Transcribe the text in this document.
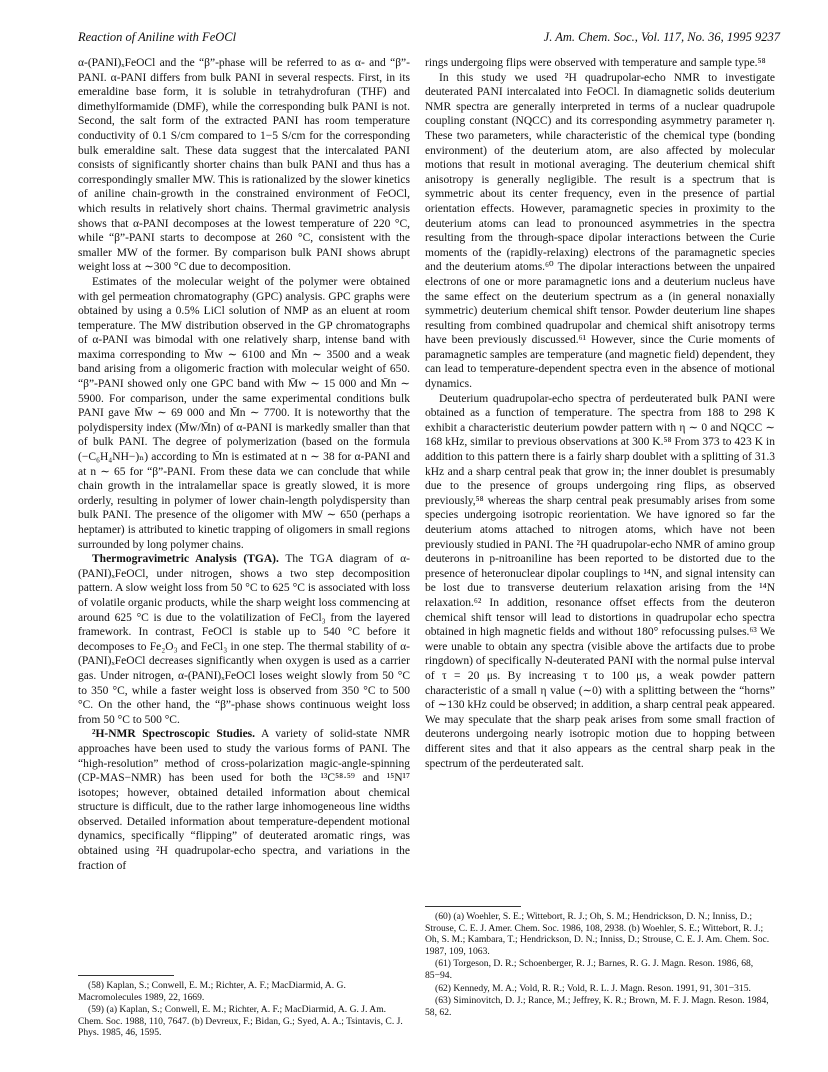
Reaction of Aniline with FeOCl	J. Am. Chem. Soc., Vol. 117, No. 36, 1995 9237

α-(PANI)ₓFeOCl and the “β”-phase will be referred to as α- and “β”-PANI. α-PANI differs from bulk PANI in several respects. First, in its emeraldine base form, it is soluble in tetrahydrofuran (THF) and dimethylformamide (DMF), while the corresponding bulk PANI is not. Second, the salt form of the extracted PANI has room temperature conductivity of 0.1 S/cm compared to 1−5 S/cm for the corresponding bulk emeraldine salt. These data suggest that the intercalated PANI consists of significantly shorter chains than bulk PANI and thus has a correspondingly smaller MW. This is rationalized by the slower kinetics of aniline chain-growth in the constrained environment of FeOCl, which results in relatively short chains. Thermal gravimetric analysis shows that α-PANI decomposes at the lowest temperature of 220 °C, while “β”-PANI starts to decompose at 260 °C, consistent with the smaller MW of the former. By comparison bulk PANI shows abrupt weight loss at ∼300 °C due to decomposition.

Estimates of the molecular weight of the polymer were obtained with gel permeation chromatography (GPC) analysis. GPC graphs were obtained by using a 0.5% LiCl solution of NMP as an eluent at room temperature. The MW distribution observed in the GP chromatographs of α-PANI was bimodal with one relatively sharp, intense band with maxima corresponding to M̄w ∼ 6100 and M̄n ∼ 3500 and a weak band arising from a oligomeric fraction with molecular weight of 650. “β”-PANI showed only one GPC band with M̄w ∼ 15 000 and M̄n ∼ 5900. For comparison, under the same experimental conditions bulk PANI gave M̄w ∼ 69 000 and M̄n ∼ 7700. It is noteworthy that the polydispersity index (M̄w/M̄n) of α-PANI is markedly smaller than that of bulk PANI. The degree of polymerization (based on the formula (−C₆H₄NH−)ₙ) according to M̄n is estimated at n ∼ 38 for α-PANI and at n ∼ 65 for “β”-PANI. From these data we can conclude that while chain growth in the intralamellar space is greatly slowed, it is more orderly, resulting in polymer of lower chain-length polydispersity than bulk PANI. The presence of the oligomer with MW ∼ 650 (perhaps a heptamer) is attributed to kinetic trapping of oligomers in small regions surrounded by long polymer chains.

Thermogravimetric Analysis (TGA). The TGA diagram of α-(PANI)ₓFeOCl, under nitrogen, shows a two step decomposition pattern. A slow weight loss from 50 °C to 625 °C is associated with loss of volatile organic products, while the sharp weight loss commencing at around 625 °C is due to the volatilization of FeCl₃ from the layered framework. In contrast, FeOCl is stable up to 540 °C before it decomposes to Fe₂O₃ and FeCl₃ in one step. The thermal stability of α-(PANI)ₓFeOCl decreases significantly when oxygen is used as a carrier gas. Under nitrogen, α-(PANI)ₓFeOCl loses weight slowly from 50 °C to 350 °C, while a faster weight loss is observed from 350 °C to 500 °C. On the other hand, the “β”-phase shows continuous weight loss from 50 °C to 500 °C.

²H-NMR Spectroscopic Studies. A variety of solid-state NMR approaches have been used to study the various forms of PANI. The “high-resolution” method of cross-polarization magic-angle-spinning (CP-MAS−NMR) has been used for both the ¹³C⁵⁸·⁵⁹ and ¹⁵N¹⁷ isotopes; however, obtained detailed information about chemical structure is difficult, due to the rather large inhomogeneous line widths observed. Detailed information about temperature-dependent motional dynamics, specifically “flipping” of deuterated aromatic rings, was obtained using ²H quadrupolar-echo spectra, and variations in the fraction of

(58) Kaplan, S.; Conwell, E. M.; Richter, A. F.; MacDiarmid, A. G. Macromolecules 1989, 22, 1669.

(59) (a) Kaplan, S.; Conwell, E. M.; Richter, A. F.; MacDiarmid, A. G. J. Am. Chem. Soc. 1988, 110, 7647. (b) Devreux, F.; Bidan, G.; Syed, A. A.; Tsintavis, C. J. Phys. 1985, 46, 1595.

rings undergoing flips were observed with temperature and sample type.⁵⁸

In this study we used ²H quadrupolar-echo NMR to investigate deuterated PANI intercalated into FeOCl. In diamagnetic solids deuterium NMR spectra are generally interpreted in terms of a nuclear quadrupole coupling constant (NQCC) and its corresponding asymmetry parameter η. These two parameters, while characteristic of the chemical type (bonding environment) of the deuterium atom, are also affected by molecular motions that result in motional averaging. The deuterium chemical shift anisotropy is generally negligible. The result is a spectrum that is symmetric about its center frequency, even in the presence of partial orientation effects. However, paramagnetic species in proximity to the deuterium atoms can lead to pronounced asymmetries in the spectra resulting from the through-space dipolar interactions between the Curie moments of the (rapidly-relaxing) electrons of the paramagnetic species and the deuterium atoms.⁶⁰ The dipolar interactions between the unpaired electrons of one or more paramagnetic ions and a deuterium nucleus have the same effect on the deuterium spectrum as a (in general nonaxially symmetric) deuterium chemical shift tensor. Powder deuterium line shapes resulting from combined quadrupolar and chemical shift anisotropy terms have been previously discussed.⁶¹ However, since the Curie moments of paramagnetic samples are temperature (and magnetic field) dependent, they can lead to temperature-dependent spectra even in the absence of motional dynamics.

Deuterium quadrupolar-echo spectra of perdeuterated bulk PANI were obtained as a function of temperature. The spectra from 188 to 298 K exhibit a characteristic deuterium powder pattern with η ∼ 0 and NQCC ∼ 168 kHz, similar to previous observations at 300 K.⁵⁸ From 373 to 423 K in addition to this pattern there is a fairly sharp doublet with a splitting of 31.3 kHz and a sharp central peak that grow in; the inner doublet is presumably due to the presence of groups undergoing ring flips, as observed previously,⁵⁸ whereas the sharp central peak presumably arises from some species undergoing isotropic reorientation. We have ignored so far the deuterium atoms attached to nitrogen atoms, which have not been previously studied in PANI. The ²H quadrupolar-echo NMR of amino group deuterons in p-nitroaniline has been reported to be distorted due to the presence of heteronuclear dipolar couplings to ¹⁴N, and signal intensity can be lost due to transverse deuterium relaxation arising from the ¹⁴N relaxation.⁶² In addition, resonance offset effects from the deuteron chemical shift tensor will lead to distortions in quadrupolar echo spectra obtained in high magnetic fields and without 180° refocussing pulses.⁶³ We were unable to obtain any spectra (visible above the artifacts due to probe ringdown) of specifically N-deuterated PANI with the normal pulse interval of τ = 20 μs. By increasing τ to 100 μs, a weak powder pattern characteristic of a small η value (∼0) with a splitting between the “horns” of ∼130 kHz could be observed; in addition, a sharp central peak appeared. We may speculate that the sharp peak arises from some small fraction of deuterons undergoing nearly isotropic motion due to hopping between different sites and that it also appears as the central sharp peak in the spectrum of the perdeuterated salt.

(60) (a) Woehler, S. E.; Wittebort, R. J.; Oh, S. M.; Hendrickson, D. N.; Inniss, D.; Strouse, C. E. J. Amer. Chem. Soc. 1986, 108, 2938. (b) Woehler, S. E.; Wittebort, R. J.; Oh, S. M.; Kambara, T.; Hendrickson, D. N.; Inniss, D.; Strouse, C. E. J. Am. Chem. Soc. 1987, 109, 1063.

(61) Torgeson, D. R.; Schoenberger, R. J.; Barnes, R. G. J. Magn. Reson. 1986, 68, 85−94.

(62) Kennedy, M. A.; Vold, R. R.; Vold, R. L. J. Magn. Reson. 1991, 91, 301−315.

(63) Siminovitch, D. J.; Rance, M.; Jeffrey, K. R.; Brown, M. F. J. Magn. Reson. 1984, 58, 62.
